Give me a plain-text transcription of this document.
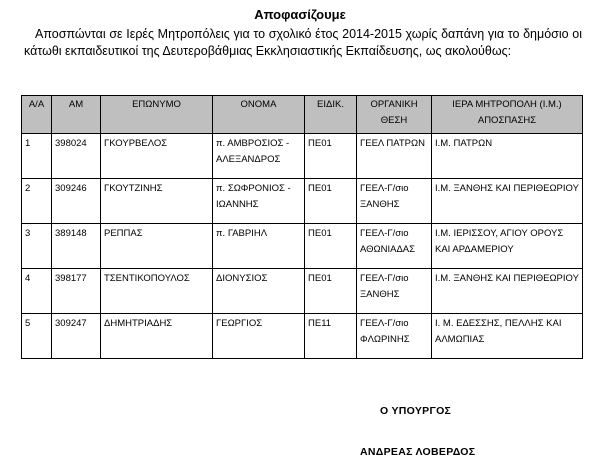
Αποφασίζουμε
Αποσπώνται σε Ιερές Μητροπόλεις για το σχολικό έτος 2014-2015 χωρίς δαπάνη για το δημόσιο οι κάτωθι εκπαιδευτικοί της Δευτεροβάθμιας Εκκλησιαστικής Εκπαίδευσης, ως ακολούθως:
Α/Α	ΑΜ	ΕΠΩΝΥΜΟ	ΟΝΟΜΑ	ΕΙΔΙΚ.	ΟΡΓΑΝΙΚΗ ΘΕΣΗ	ΙΕΡΑ ΜΗΤΡΟΠΟΛΗ (Ι.Μ.) ΑΠΟΣΠΑΣΗΣ
1	398024	ΓΚΟΥΡΒΕΛΟΣ	π. ΑΜΒΡΟΣΙΟΣ - ΑΛΕΞΑΝΔΡΟΣ	ΠΕ01	ΓΕΕΛ ΠΑΤΡΩΝ	Ι.Μ. ΠΑΤΡΩΝ
2	309246	ΓΚΟΥΤΖΙΝΗΣ	π. ΣΩΦΡΟΝΙΟΣ - ΙΩΑΝΝΗΣ	ΠΕ01	ΓΕΕΛ-Γ/σιο ΞΑΝΘΗΣ	Ι.Μ. ΞΑΝΘΗΣ ΚΑΙ ΠΕΡΙΘΕΩΡΙΟΥ
3	389148	ΡΕΠΠΑΣ	π. ΓΑΒΡΙΗΛ	ΠΕ01	ΓΕΕΛ-Γ/σιο ΑΘΩΝΙΑΔΑΣ	Ι.Μ. ΙΕΡΙΣΣΟΥ, ΑΓΙΟΥ ΟΡΟΥΣ ΚΑΙ ΑΡΔΑΜΕΡΙΟΥ
4	398177	ΤΣΕΝΤΙΚΟΠΟΥΛΟΣ	ΔΙΟΝΥΣΙΟΣ	ΠΕ01	ΓΕΕΛ-Γ/σιο ΞΑΝΘΗΣ	Ι.Μ. ΞΑΝΘΗΣ ΚΑΙ ΠΕΡΙΘΕΩΡΙΟΥ
5	309247	ΔΗΜΗΤΡΙΑΔΗΣ	ΓΕΩΡΓΙΟΣ	ΠΕ11	ΓΕΕΛ-Γ/σιο ΦΛΩΡΙΝΗΣ	Ι. Μ. ΕΔΕΣΣΗΣ, ΠΕΛΛΗΣ ΚΑΙ ΑΛΜΩΠΙΑΣ
Ο ΥΠΟΥΡΓΟΣ
ΑΝΔΡΕΑΣ ΛΟΒΕΡΔΟΣ
